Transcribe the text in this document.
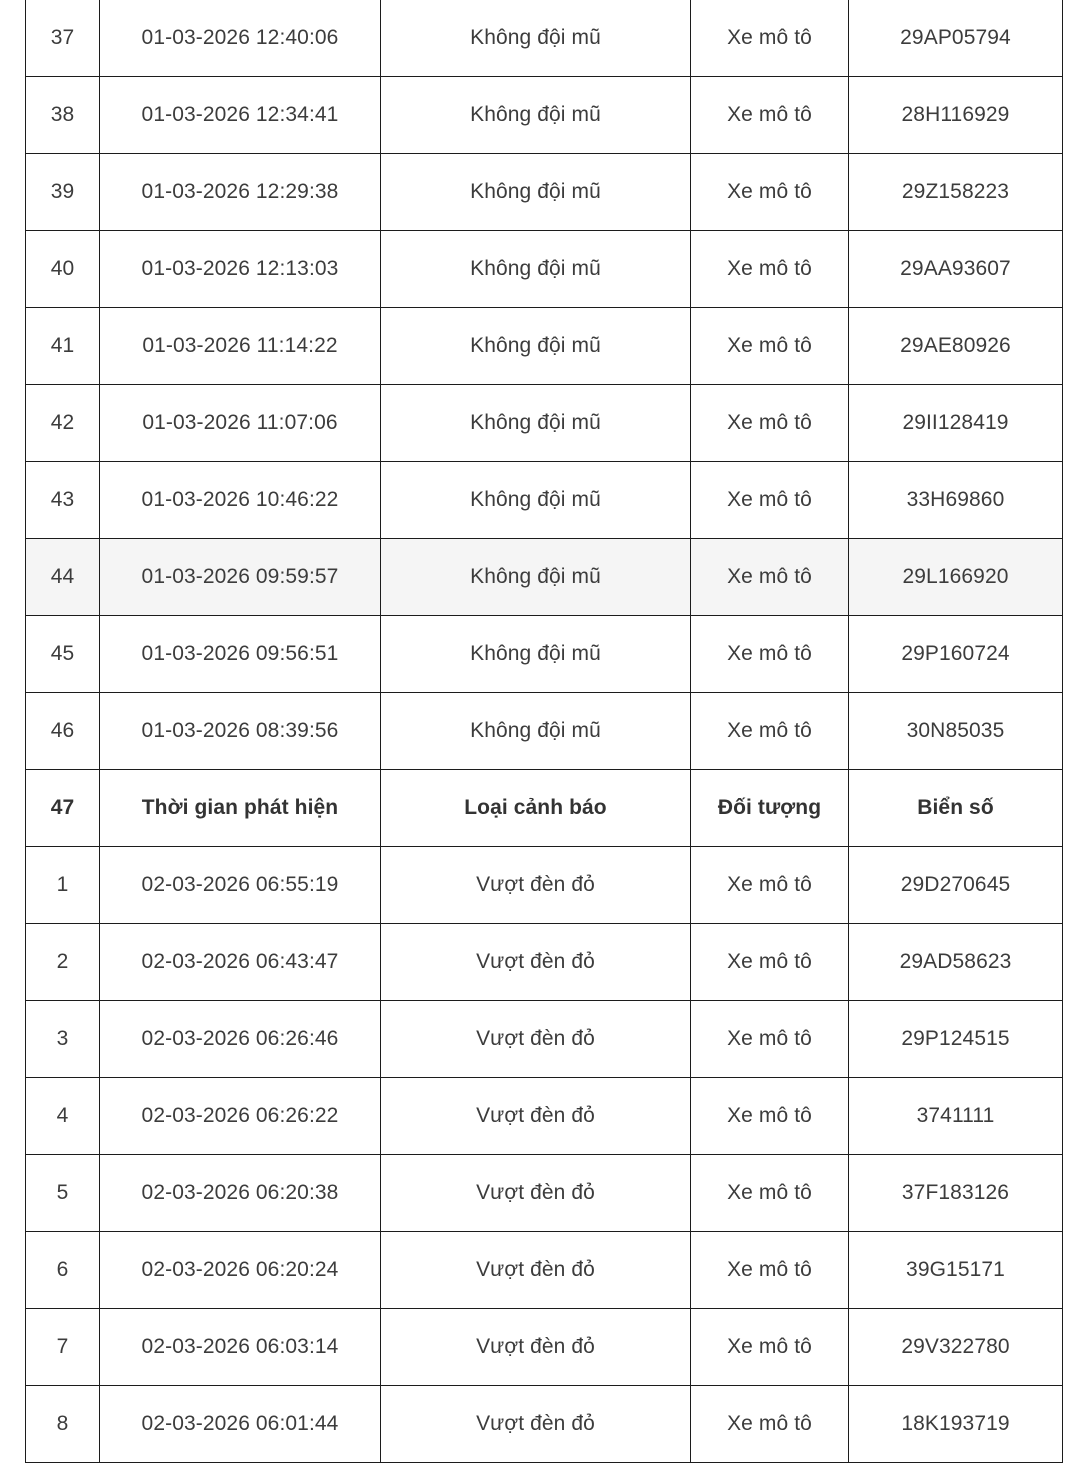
37	01-03-2026 12:40:06	Không đội mũ	Xe mô tô	29AP05794
38	01-03-2026 12:34:41	Không đội mũ	Xe mô tô	28H116929
39	01-03-2026 12:29:38	Không đội mũ	Xe mô tô	29Z158223
40	01-03-2026 12:13:03	Không đội mũ	Xe mô tô	29AA93607
41	01-03-2026 11:14:22	Không đội mũ	Xe mô tô	29AE80926
42	01-03-2026 11:07:06	Không đội mũ	Xe mô tô	29II128419
43	01-03-2026 10:46:22	Không đội mũ	Xe mô tô	33H69860
44	01-03-2026 09:59:57	Không đội mũ	Xe mô tô	29L166920
45	01-03-2026 09:56:51	Không đội mũ	Xe mô tô	29P160724
46	01-03-2026 08:39:56	Không đội mũ	Xe mô tô	30N85035
47	Thời gian phát hiện	Loại cảnh báo	Đối tượng	Biển số
1	02-03-2026 06:55:19	Vượt đèn đỏ	Xe mô tô	29D270645
2	02-03-2026 06:43:47	Vượt đèn đỏ	Xe mô tô	29AD58623
3	02-03-2026 06:26:46	Vượt đèn đỏ	Xe mô tô	29P124515
4	02-03-2026 06:26:22	Vượt đèn đỏ	Xe mô tô	3741111
5	02-03-2026 06:20:38	Vượt đèn đỏ	Xe mô tô	37F183126
6	02-03-2026 06:20:24	Vượt đèn đỏ	Xe mô tô	39G15171
7	02-03-2026 06:03:14	Vượt đèn đỏ	Xe mô tô	29V322780
8	02-03-2026 06:01:44	Vượt đèn đỏ	Xe mô tô	18K193719
